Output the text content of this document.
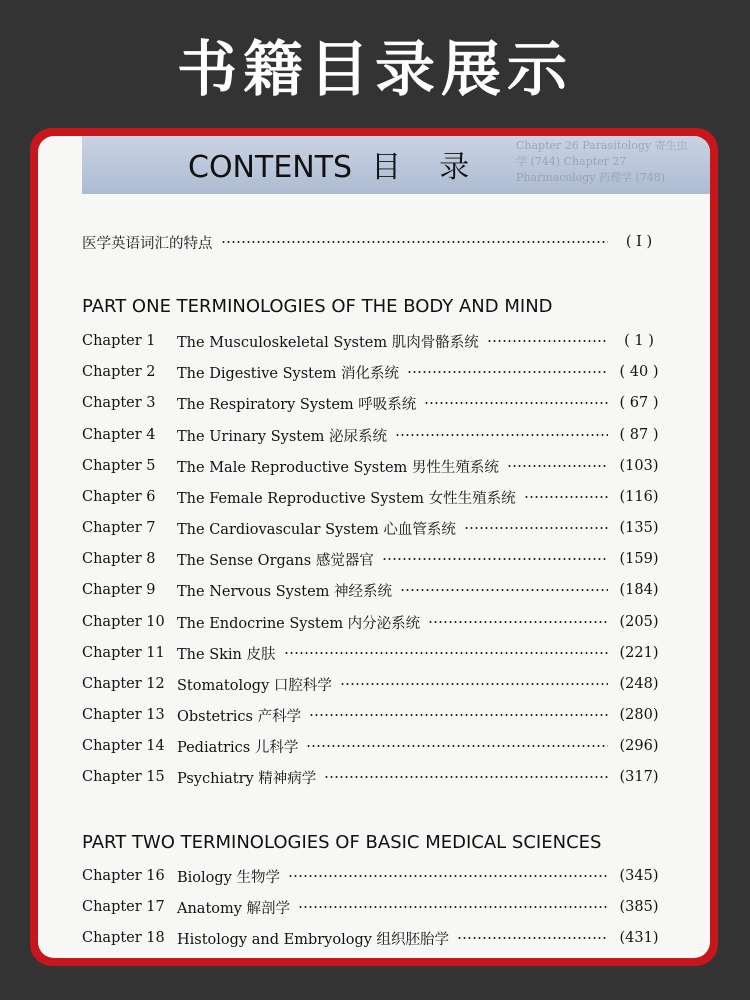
书籍目录展示
Chapter 26 Parasitology 寄生虫学 (744) Chapter 27 Pharmacology 药理学 (748)
CONTENTS  目    录
医学英语词汇的特点	( I )
PART ONE TERMINOLOGIES OF THE BODY AND MIND
Chapter 1	The Musculoskeletal System 肌肉骨骼系统	( 1 )
Chapter 2	The Digestive System 消化系统	( 40 )
Chapter 3	The Respiratory System 呼吸系统	( 67 )
Chapter 4	The Urinary System 泌尿系统	( 87 )
Chapter 5	The Male Reproductive System 男性生殖系统	(103)
Chapter 6	The Female Reproductive System 女性生殖系统	(116)
Chapter 7	The Cardiovascular System 心血管系统	(135)
Chapter 8	The Sense Organs 感觉器官	(159)
Chapter 9	The Nervous System 神经系统	(184)
Chapter 10 The Endocrine System 内分泌系统	(205)
Chapter 11 The Skin 皮肤	(221)
Chapter 12 Stomatology 口腔科学	(248)
Chapter 13 Obstetrics 产科学	(280)
Chapter 14 Pediatrics 儿科学	(296)
Chapter 15 Psychiatry 精神病学	(317)
PART TWO TERMINOLOGIES OF BASIC MEDICAL SCIENCES
Chapter 16 Biology 生物学	(345)
Chapter 17 Anatomy 解剖学	(385)
Chapter 18 Histology and Embryology 组织胚胎学	(431)
